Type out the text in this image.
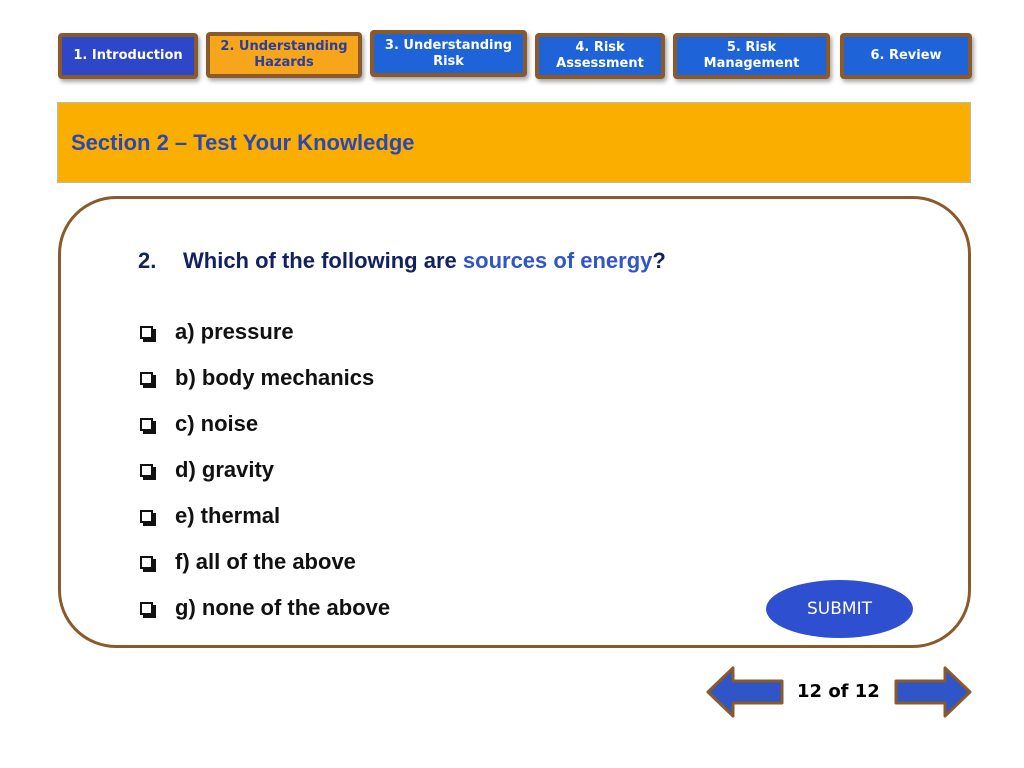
1. Introduction
2. Understanding Hazards
3. Understanding Risk
4. Risk Assessment
5. Risk Management
6. Review
Section 2 – Test Your Knowledge
2. Which of the following are sources of energy?
a) pressure
b) body mechanics
c) noise
d) gravity
e) thermal
f) all of the above
g) none of the above	SUBMIT
12 of 12
